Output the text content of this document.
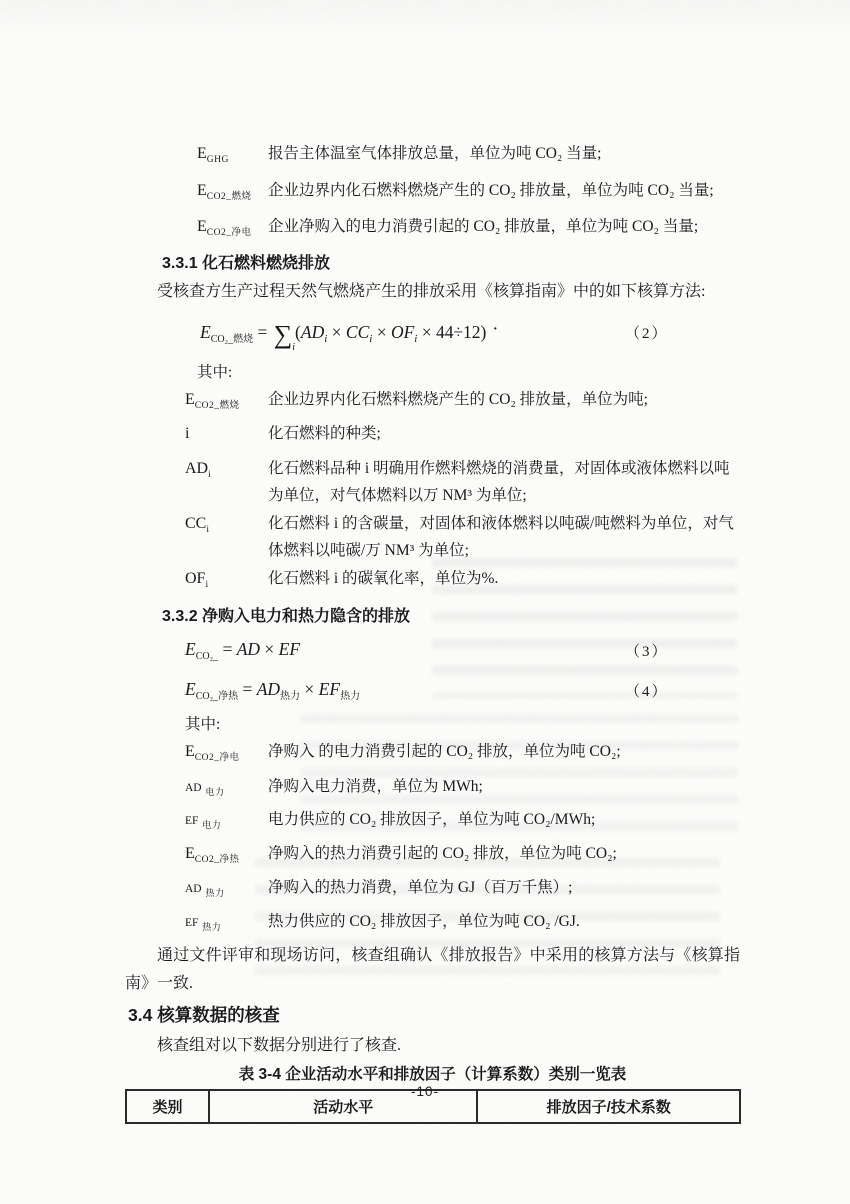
$E_{GHG}$	报告主体温室气体排放总量，单位为吨 CO₂ 当量;
$E_{CO2\_燃烧}$	企业边界内化石燃料燃烧产生的 CO₂ 排放量，单位为吨 CO₂ 当量;
$E_{CO2\_净电}$	企业净购入的电力消费引起的 CO₂ 排放量，单位为吨 CO₂ 当量;
3.3.1 化石燃料燃烧排放

受核查方生产过程天然气燃烧产生的排放采用《核算指南》中的如下核算方法:

$E_{CO_2\_燃烧} = \sum_i(AD_i \times CC_i \times OF_i \times 44\div 12)$ ·	（2）

其中:

$E_{CO2\_燃烧}$	企业边界内化石燃料燃烧产生的 CO₂ 排放量，单位为吨;
i	化石燃料的种类;
$AD_i$	化石燃料品种 i 明确用作燃料燃烧的消费量，对固体或液体燃料以吨为单位，对气体燃料以万 NM³ 为单位;
$CC_i$	化石燃料 i 的含碳量，对固体和液体燃料以吨碳/吨燃料为单位，对气体燃料以吨碳/万 NM³ 为单位;
$OF_i$	化石燃料 i 的碳氧化率，单位为%.
3.3.2 净购入电力和热力隐含的排放
$E_{CO_2\_}$ = AD × EF	（3）
$E_{CO_2\_净热} = AD_{热力} \times EF_{热力}$	（4）

其中:

$E_{CO2\_净电}$	净购入 的电力消费引起的 CO₂ 排放，单位为吨 CO₂;
AD $_{电力}$	净购入电力消费，单位为 MWh;
EF $_{电力}$	电力供应的 CO₂ 排放因子，单位为吨 CO₂/MWh;
$E_{CO2\_净热}$	净购入的热力消费引起的 CO₂ 排放，单位为吨 CO₂;
AD $_{热力}$	净购入的热力消费，单位为 GJ（百万千焦）;
EF $_{热力}$	热力供应的 CO₂ 排放因子，单位为吨 CO₂ /GJ.

通过文件评审和现场访问，核查组确认《排放报告》中采用的核算方法与《核算指南》一致.

3.4 核算数据的核查

核查组对以下数据分别进行了核查.

表 3-4 企业活动水平和排放因子（计算系数）类别一览表
类别	活动水平	排放因子/技术系数
-10-
